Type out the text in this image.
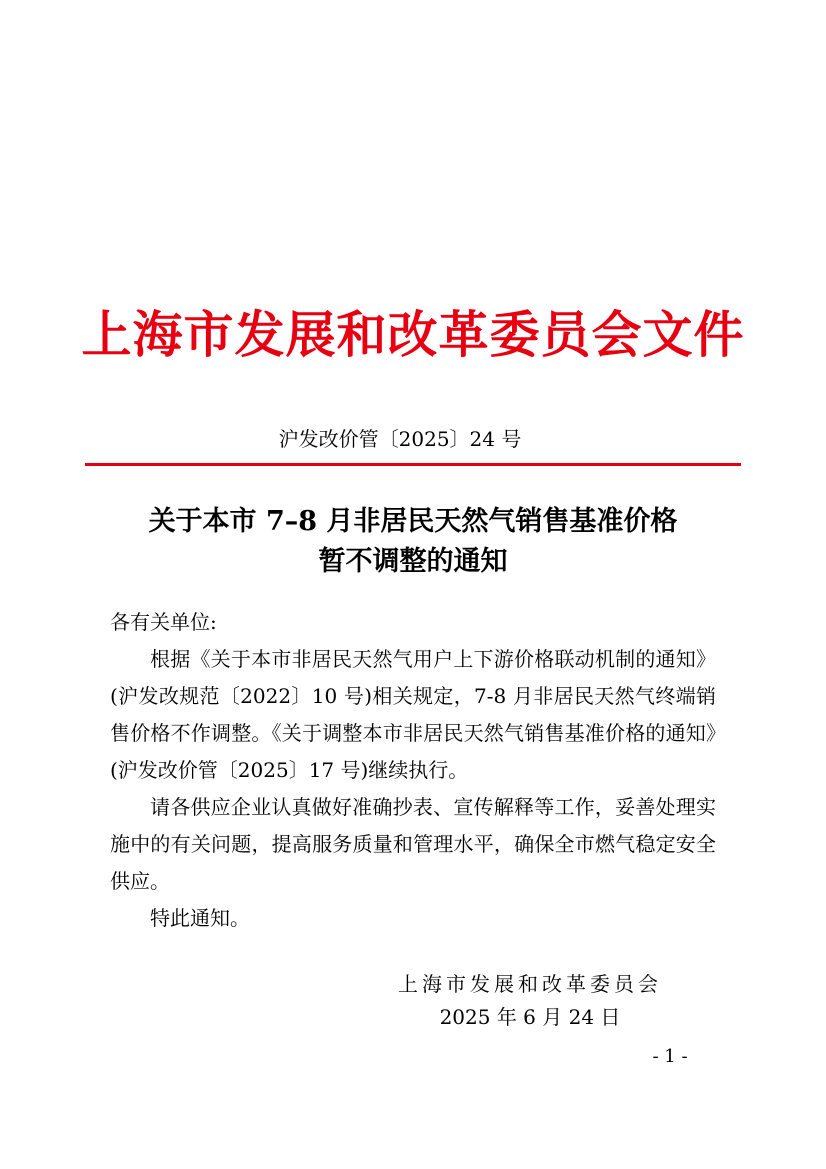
上海市发展和改革委员会文件
沪发改价管〔2025〕24 号
关于本市 7–8 月非居民天然气销售基准价格
暂不调整的通知

各有关单位:

根据《关于本市非居民天然气用户上下游价格联动机制的通知》(沪发改规范〔2022〕10 号)相关规定，7-8 月非居民天然气终端销售价格不作调整。《关于调整本市非居民天然气销售基准价格的通知》(沪发改价管〔2025〕17 号)继续执行。

请各供应企业认真做好准确抄表、宣传解释等工作，妥善处理实施中的有关问题，提高服务质量和管理水平，确保全市燃气稳定安全供应。

特此通知。

上海市发展和改革委员会
2025 年 6 月 24 日
- 1 -
